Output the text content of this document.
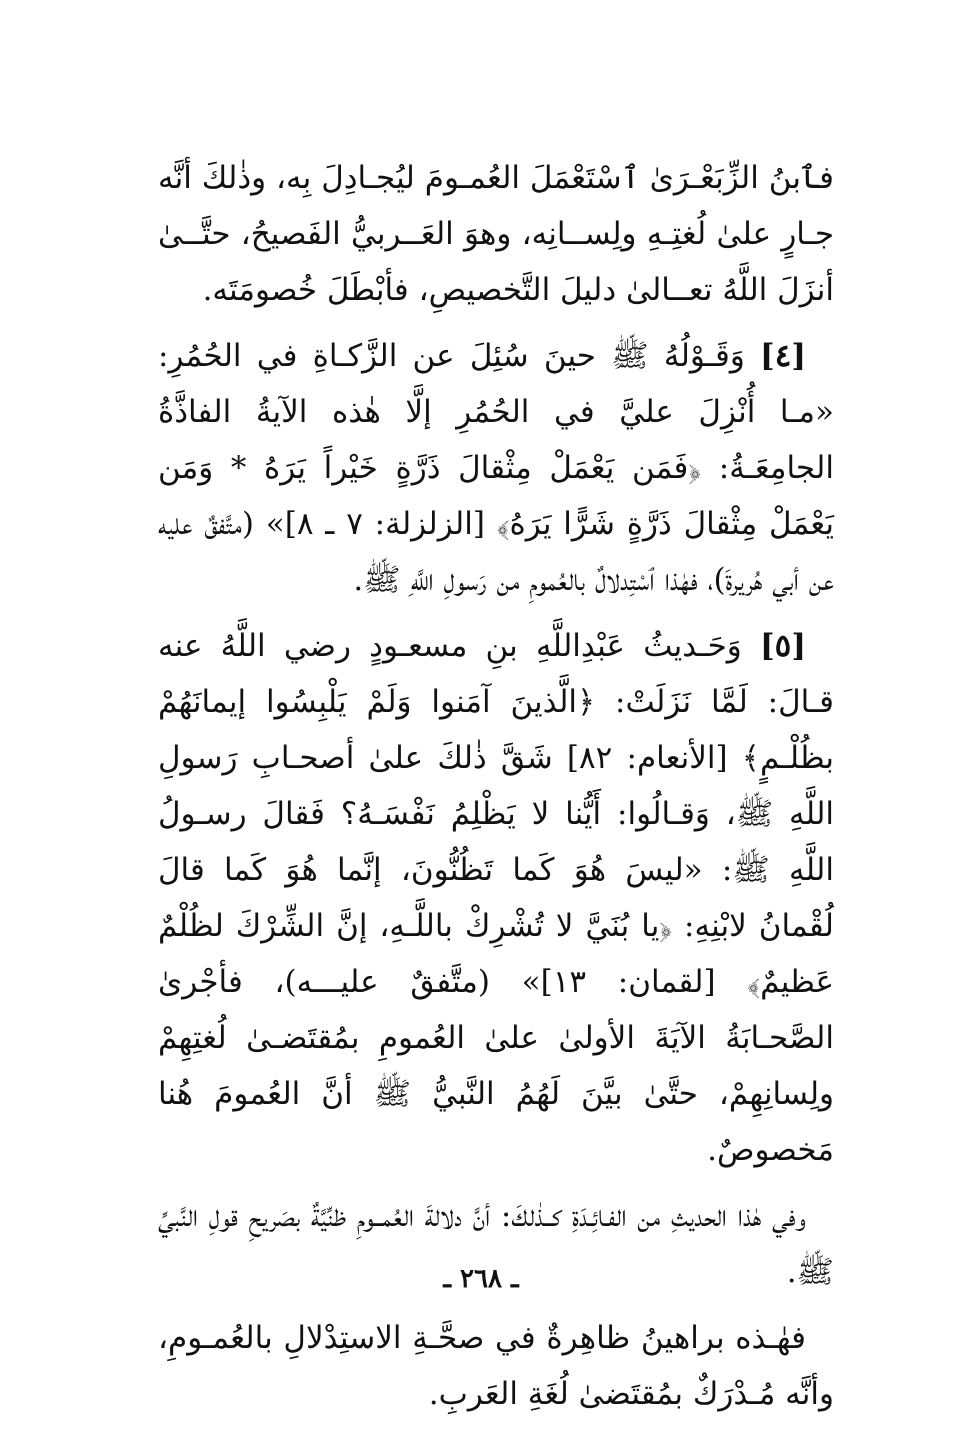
فٱبنُ الزِّبَعْـرَىٰ ٱسْتَعْمَلَ العُمـومَ ليُجـادِلَ بِه، وذٰلكَ أنَّه جـارٍ علىٰ لُغتِـهِ ولِســانِه، وهوَ العَــربيُّ الفَصيحُ، حتَّــىٰ أنزَلَ اللَّهُ تعــالىٰ دليلَ التَّخصيصِ، فأبْطَلَ خُصومَتَه.

[٤] وَقَـوْلُهُ ﷺ حينَ سُئِلَ عن الزَّكـاةِ في الحُمُرِ: «مـا أُنْزِلَ عليَّ في الحُمُرِ إلَّا هٰذه الآيةُ الفاذَّةُ الجامِعَـةُ: ﴿فَمَن يَعْمَلْ مِثْقالَ ذَرَّةٍ خَيْراً يَرَهُ * وَمَن يَعْمَلْ مِثْقالَ ذَرَّةٍ شَرًّا يَرَهُ﴾ [الزلزلة: ٧ ـ ٨]» (متَّفقٌ عليه عن أبي هُريرةَ)، فهٰذا ٱسْتِدلالٌ بالعُمومِ من رَسولِ اللَّهِ ﷺ.

[٥] وَحَـديثُ عَبْدِاللَّهِ بنِ مسعـودٍ رضي اللَّهُ عنه قـالَ: لَمَّا نَزَلَتْ: ﴿الَّذينَ آمَنوا وَلَمْ يَلْبِسُوا إيمانَهُمْ بظُلْـمٍ﴾ [الأنعام: ٨٢] شَقَّ ذٰلكَ علىٰ أصحـابِ رَسولِ اللَّهِ ﷺ، وَقـالُوا: أَيُّنا لا يَظْلِمُ نَفْسَـهُ؟ فَقالَ رسـولُ اللَّهِ ﷺ: «ليسَ هُوَ كَما تَظُنُّونَ، إنَّما هُوَ كَما قالَ لُقْمانُ لابْنِهِ: ﴿يا بُنَيَّ لا تُشْرِكْ باللَّـهِ، إنَّ الشِّرْكَ لظُلْمٌ عَظيمٌ﴾ [لقمان: ١٣]» (متَّفقٌ عليـــه)، فأجْرىٰ الصَّحـابَةُ الآيَةَ الأولىٰ علىٰ العُمومِ بمُقتَضـىٰ لُغتِهِمْ ولِسانِهِمْ، حتَّىٰ بيَّنَ لَهُمُ النَّبيُّ ﷺ أنَّ العُمومَ هُنا مَخصوصٌ.

وفي هٰذا الحديثِ من الفـائِـدَةِ كــذٰلكَ: أنَّ دلالةَ العُمــومِ ظنِّيَّةٌ بصَريحِ قولِ النَّبيِّ ﷺ.

فهٰـذه براهينُ ظاهِرةٌ في صحَّـةِ الاستِدْلالِ بالعُمـومِ، وأنَّه مُـدْرَكٌ بمُقتَضىٰ لُغَةِ العَربِ.

ـ ٢٦٨ ـ
